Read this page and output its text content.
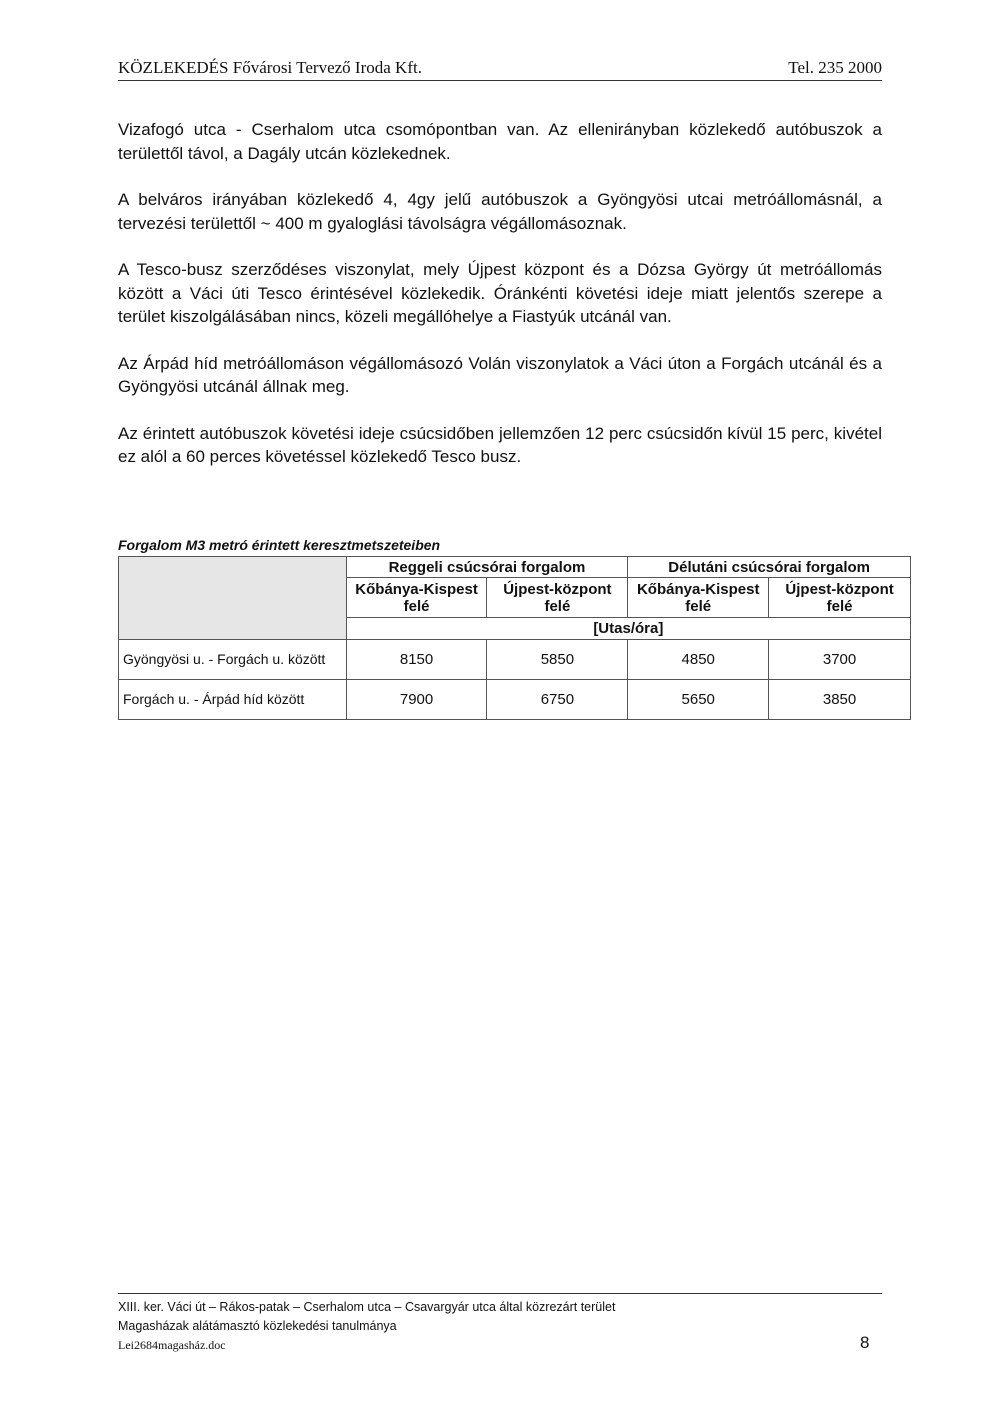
KÖZLEKEDÉS Fővárosi Tervező Iroda Kft.	Tel. 235 2000

Vizafogó utca - Cserhalom utca csomópontban van. Az ellenirányban közlekedő autóbuszok a területtől távol, a Dagály utcán közlekednek.

A belváros irányában közlekedő 4, 4gy jelű autóbuszok a Gyöngyösi utcai metróállomásnál, a tervezési területtől ~ 400 m gyaloglási távolságra végállomásoznak.

A Tesco-busz szerződéses viszonylat, mely Újpest központ és a Dózsa György út metróállomás között a Váci úti Tesco érintésével közlekedik. Óránkénti követési ideje miatt jelentős szerepe a terület kiszolgálásában nincs, közeli megállóhelye a Fiastyúk utcánál van.

Az Árpád híd metróállomáson végállomásozó Volán viszonylatok a Váci úton a Forgách utcánál és a Gyöngyösi utcánál állnak meg.

Az érintett autóbuszok követési ideje csúcsidőben jellemzően 12 perc csúcsidőn kívül 15 perc, kivétel ez alól a 60 perces követéssel közlekedő Tesco busz.

Forgalom M3 metró érintett keresztmetszeteiben
	Reggeli csúcsórai forgalom		Délutáni csúcsórai forgalom	
	Kőbánya-Kispest felé	Újpest-központ felé	Kőbánya-Kispest felé	Újpest-központ felé
	[Utas/óra]			
Gyöngyösi u. - Forgách u. között	8150	5850	4850	3700
Forgách u. - Árpád híd között	7900	6750	5650	3850
XIII. ker. Váci út – Rákos-patak – Cserhalom utca – Csavargyár utca által közrezárt terület
Magasházak alátámasztó közlekedési tanulmánya
Lei2684magasház.doc	8
